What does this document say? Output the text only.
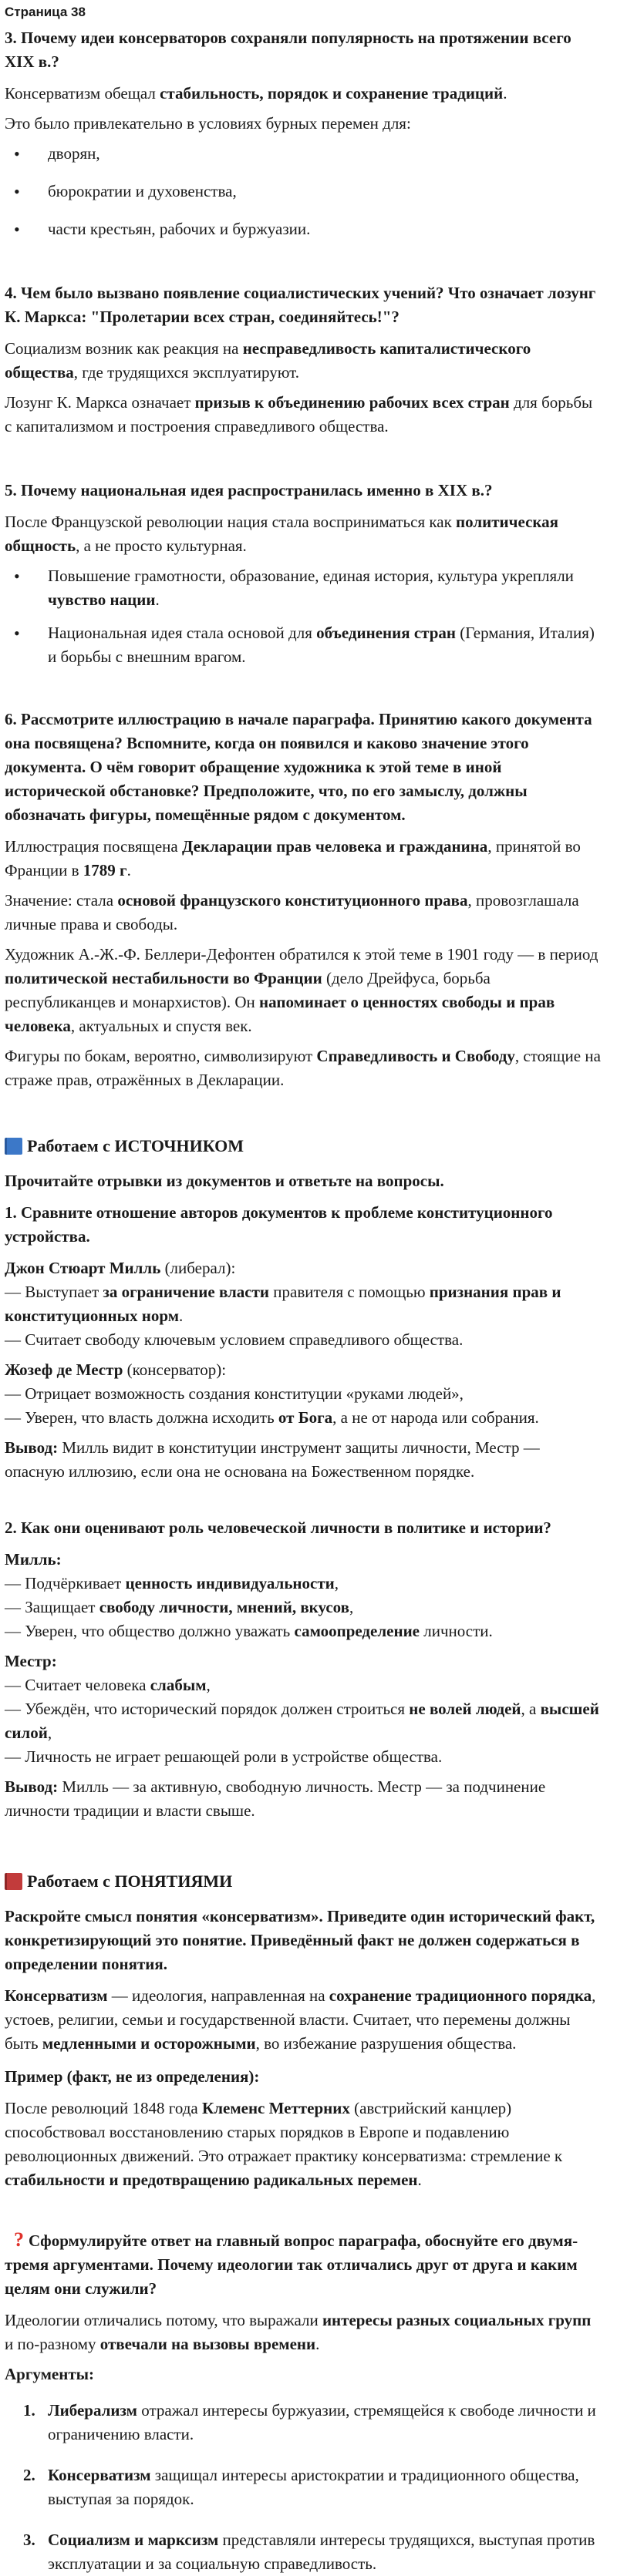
Страница 38
3. Почему идеи консерваторов сохраняли популярность на протяжении всего XIX в.?
Консерватизм обещал стабильность, порядок и сохранение традиций.
Это было привлекательно в условиях бурных перемен для:
• дворян,
• бюрократии и духовенства,
• части крестьян, рабочих и буржуазии.
4. Чем было вызвано появление социалистических учений? Что означает лозунг К. Маркса: "Пролетарии всех стран, соединяйтесь!"?
Социализм возник как реакция на несправедливость капиталистического общества, где трудящихся эксплуатируют.
Лозунг К. Маркса означает призыв к объединению рабочих всех стран для борьбы с капитализмом и построения справедливого общества.
5. Почему национальная идея распространилась именно в XIX в.?
После Французской революции нация стала восприниматься как политическая общность, а не просто культурная.
• Повышение грамотности, образование, единая история, культура укрепляли чувство нации.
• Национальная идея стала основой для объединения стран (Германия, Италия) и борьбы с внешним врагом.
6. Рассмотрите иллюстрацию в начале параграфа. Принятию какого документа она посвящена? Вспомните, когда он появился и каково значение этого документа. О чём говорит обращение художника к этой теме в иной исторической обстановке? Предположите, что, по его замыслу, должны обозначать фигуры, помещённые рядом с документом.
Иллюстрация посвящена Декларации прав человека и гражданина, принятой во Франции в 1789 г.
Значение: стала основой французского конституционного права, провозглашала личные права и свободы.
Художник А.-Ж.-Ф. Беллери-Дефонтен обратился к этой теме в 1901 году — в период политической нестабильности во Франции (дело Дрейфуса, борьба республиканцев и монархистов). Он напоминает о ценностях свободы и прав человека, актуальных и спустя век.
Фигуры по бокам, вероятно, символизируют Справедливость и Свободу, стоящие на страже прав, отражённых в Декларации.
Работаем с ИСТОЧНИКОМ
Прочитайте отрывки из документов и ответьте на вопросы.
1. Сравните отношение авторов документов к проблеме конституционного устройства.
Джон Стюарт Милль (либерал):
— Выступает за ограничение власти правителя с помощью признания прав и конституционных норм.
— Считает свободу ключевым условием справедливого общества.
Жозеф де Местр (консерватор):
— Отрицает возможность создания конституции «руками людей»,
— Уверен, что власть должна исходить от Бога, а не от народа или собрания.
Вывод: Милль видит в конституции инструмент защиты личности, Местр — опасную иллюзию, если она не основана на Божественном порядке.
2. Как они оценивают роль человеческой личности в политике и истории?
Милль:
— Подчёркивает ценность индивидуальности,
— Защищает свободу личности, мнений, вкусов,
— Уверен, что общество должно уважать самоопределение личности.
Местр:
— Считает человека слабым,
— Убеждён, что исторический порядок должен строиться не волей людей, а высшей силой,
— Личность не играет решающей роли в устройстве общества.
Вывод: Милль — за активную, свободную личность. Местр — за подчинение личности традиции и власти свыше.
Работаем с ПОНЯТИЯМИ
Раскройте смысл понятия «консерватизм». Приведите один исторический факт, конкретизирующий это понятие. Приведённый факт не должен содержаться в определении понятия.
Консерватизм — идеология, направленная на сохранение традиционного порядка, устоев, религии, семьи и государственной власти. Считает, что перемены должны быть медленными и осторожными, во избежание разрушения общества.
Пример (факт, не из определения):
После революций 1848 года Клеменс Меттерних (австрийский канцлер) способствовал восстановлению старых порядков в Европе и подавлению революционных движений. Это отражает практику консерватизма: стремление к стабильности и предотвращению радикальных перемен.
? Сформулируйте ответ на главный вопрос параграфа, обоснуйте его двумя-тремя аргументами. Почему идеологии так отличались друг от друга и каким целям они служили?
Идеологии отличались потому, что выражали интересы разных социальных групп и по-разному отвечали на вызовы времени.
Аргументы:
1. Либерализм отражал интересы буржуазии, стремящейся к свободе личности и ограничению власти.
2. Консерватизм защищал интересы аристократии и традиционного общества, выступая за порядок.
3. Социализм и марксизм представляли интересы трудящихся, выступая против эксплуатации и за социальную справедливость.
